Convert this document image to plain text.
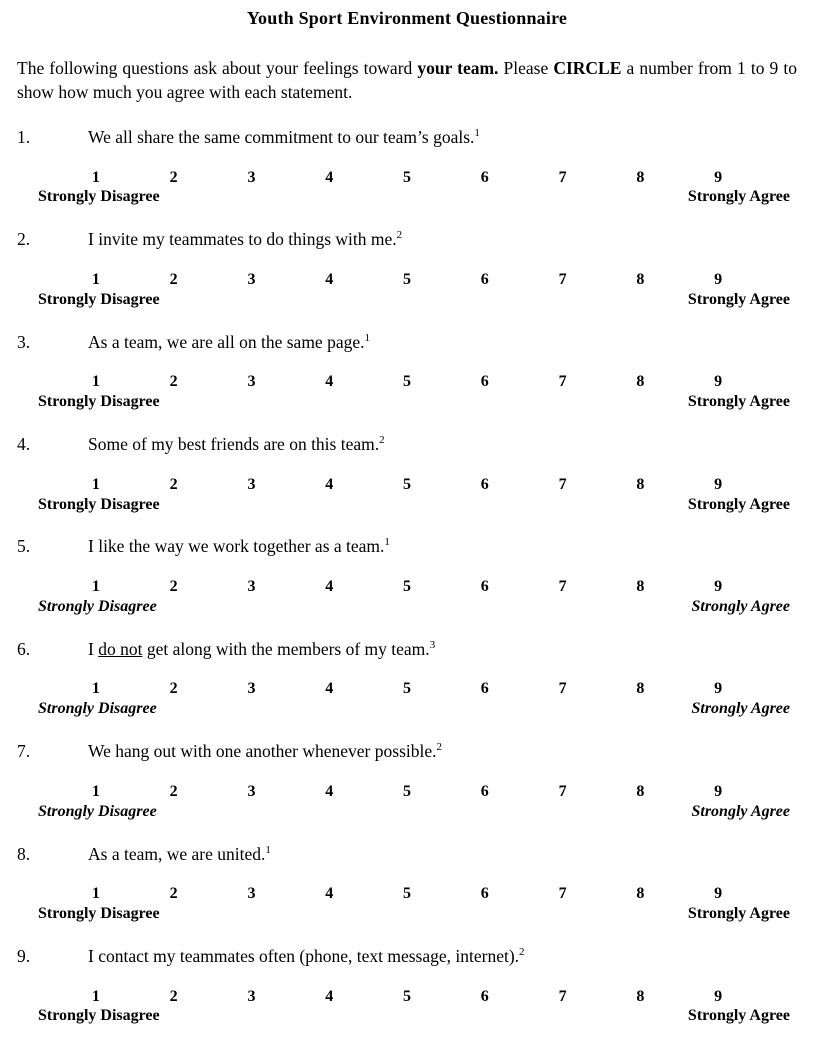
Youth Sport Environment Questionnaire

The following questions ask about your feelings toward your team. Please CIRCLE a number from 1 to 9 to show how much you agree with each statement.

1.	We all share the same commitment to our team’s goals.$^1$
1	2	3	4	5	6	7	8	9
Strongly Disagree	Strongly Agree
2.	I invite my teammates to do things with me.$^2$
1	2	3	4	5	6	7	8	9
Strongly Disagree	Strongly Agree
3.	As a team, we are all on the same page.$^1$
1	2	3	4	5	6	7	8	9
Strongly Disagree	Strongly Agree
4.	Some of my best friends are on this team.$^2$
1	2	3	4	5	6	7	8	9
Strongly Disagree	Strongly Agree
5.	I like the way we work together as a team.$^1$
1	2	3	4	5	6	7	8	9
Strongly Disagree	Strongly Agree
6.	I do not get along with the members of my team.$^3$
1	2	3	4	5	6	7	8	9
Strongly Disagree	Strongly Agree
7.	We hang out with one another whenever possible.$^2$
1	2	3	4	5	6	7	8	9
Strongly Disagree	Strongly Agree
8.	As a team, we are united.$^1$
1	2	3	4	5	6	7	8	9
Strongly Disagree	Strongly Agree
9.	I contact my teammates often (phone, text message, internet).$^2$
1	2	3	4	5	6	7	8	9
Strongly Disagree	Strongly Agree
